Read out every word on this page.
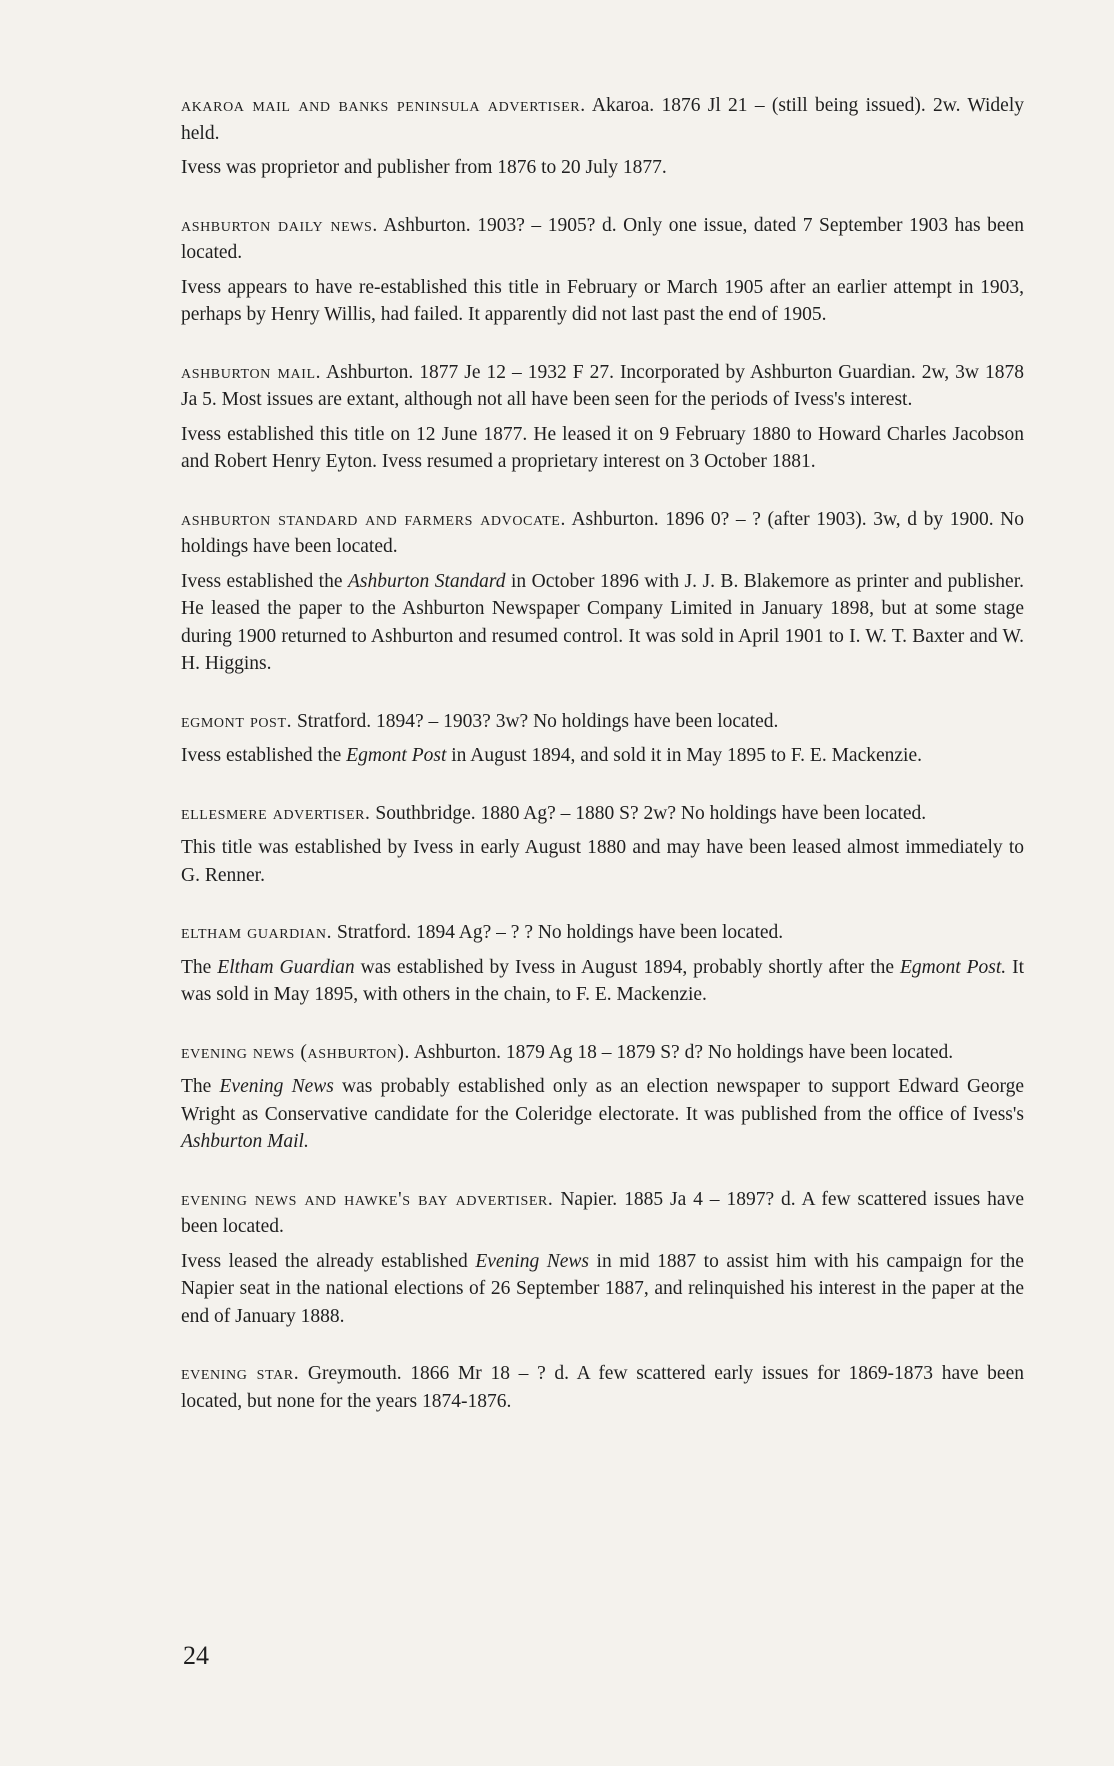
akaroa mail and banks peninsula advertiser. Akaroa. 1876 Jl 21 – (still being issued). 2w. Widely held.

Ivess was proprietor and publisher from 1876 to 20 July 1877.

ashburton daily news. Ashburton. 1903? – 1905? d. Only one issue, dated 7 September 1903 has been located.

Ivess appears to have re-established this title in February or March 1905 after an earlier attempt in 1903, perhaps by Henry Willis, had failed. It apparently did not last past the end of 1905.

ashburton mail. Ashburton. 1877 Je 12 – 1932 F 27. Incorporated by Ashburton Guardian. 2w, 3w 1878 Ja 5. Most issues are extant, although not all have been seen for the periods of Ivess's interest.

Ivess established this title on 12 June 1877. He leased it on 9 February 1880 to Howard Charles Jacobson and Robert Henry Eyton. Ivess resumed a proprietary interest on 3 October 1881.

ashburton standard and farmers advocate. Ashburton. 1896 0? – ? (after 1903). 3w, d by 1900. No holdings have been located.

Ivess established the Ashburton Standard in October 1896 with J. J. B. Blakemore as printer and publisher. He leased the paper to the Ashburton Newspaper Company Limited in January 1898, but at some stage during 1900 returned to Ashburton and resumed control. It was sold in April 1901 to I. W. T. Baxter and W. H. Higgins.

egmont post. Stratford. 1894? – 1903? 3w? No holdings have been located.

Ivess established the Egmont Post in August 1894, and sold it in May 1895 to F. E. Mackenzie.

ellesmere advertiser. Southbridge. 1880 Ag? – 1880 S? 2w? No holdings have been located.

This title was established by Ivess in early August 1880 and may have been leased almost immediately to G. Renner.

eltham guardian. Stratford. 1894 Ag? – ? ? No holdings have been located.

The Eltham Guardian was established by Ivess in August 1894, probably shortly after the Egmont Post. It was sold in May 1895, with others in the chain, to F. E. Mackenzie.

evening news (ashburton). Ashburton. 1879 Ag 18 – 1879 S? d? No holdings have been located.

The Evening News was probably established only as an election newspaper to support Edward George Wright as Conservative candidate for the Coleridge electorate. It was published from the office of Ivess's Ashburton Mail.

evening news and hawke's bay advertiser. Napier. 1885 Ja 4 – 1897? d. A few scattered issues have been located.

Ivess leased the already established Evening News in mid 1887 to assist him with his campaign for the Napier seat in the national elections of 26 September 1887, and relinquished his interest in the paper at the end of January 1888.

evening star. Greymouth. 1866 Mr 18 – ? d. A few scattered early issues for 1869-1873 have been located, but none for the years 1874-1876.

24
